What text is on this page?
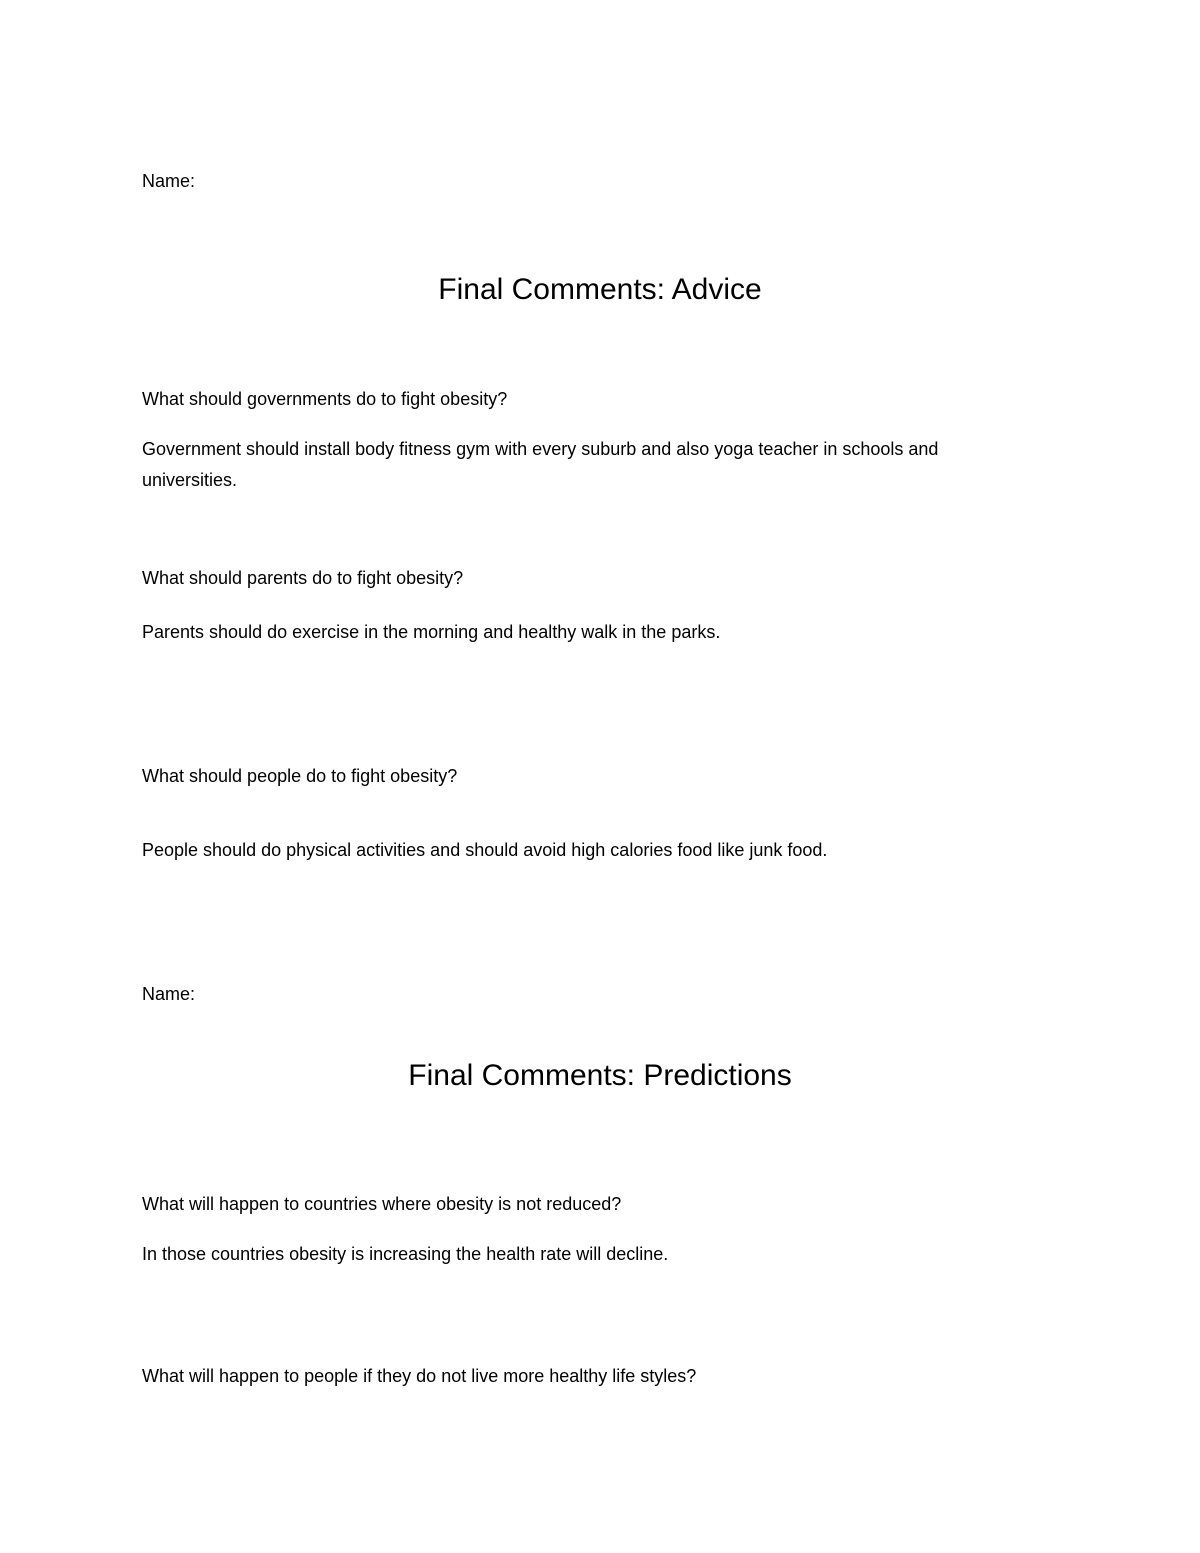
Name:
Final Comments: Advice
What should governments do to fight obesity?
Government should install body fitness gym with every suburb and also yoga teacher in schools and universities.
What should parents do to fight obesity?
Parents should do exercise in the morning and healthy walk in the parks.
What should people do to fight obesity?
People should do physical activities and should avoid high calories food like junk food.
Name:
Final Comments: Predictions
What will happen to countries where obesity is not reduced?
In those countries obesity is increasing the health rate will decline.
What will happen to people if they do not live more healthy life styles?
